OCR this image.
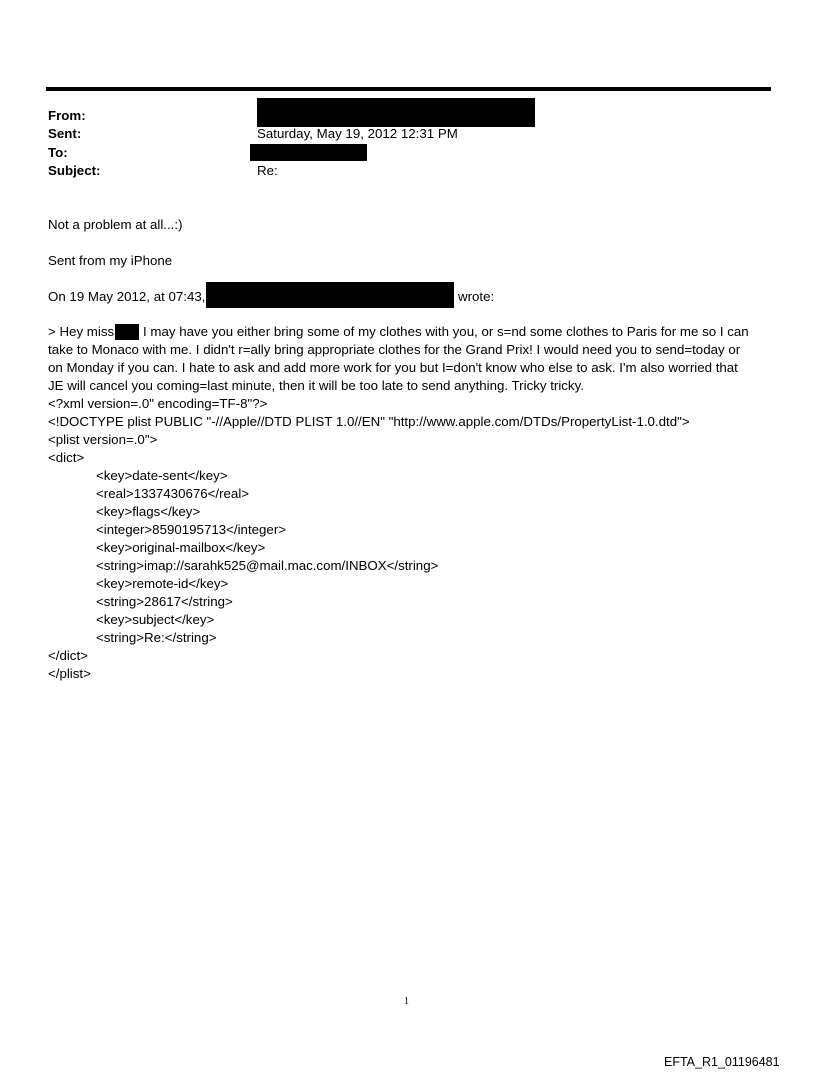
From:
Sent:	Saturday, May 19, 2012 12:31 PM
To:
Subject:	Re:
Not a problem at all...:)
Sent from my iPhone
On 19 May 2012, at 07:43,	wrote:
> Hey miss I may have you either bring some of my clothes with you, or s=nd some clothes to Paris for me so I can
take to Monaco with me. I didn't r=ally bring appropriate clothes for the Grand Prix! I would need you to send=today or
on Monday if you can. I hate to ask and add more work for you but I=don't know who else to ask. I'm also worried that
JE will cancel you coming=last minute, then it will be too late to send anything. Tricky tricky.
<?xml version=.0" encoding=TF-8"?>
<!DOCTYPE plist PUBLIC "-//Apple//DTD PLIST 1.0//EN" "http://www.apple.com/DTDs/PropertyList-1.0.dtd">
<plist version=.0">
<dict>
<key>date-sent</key>
<real>1337430676</real>
<key>flags</key>
<integer>8590195713</integer>
<key>original-mailbox</key>
<string>imap://sarahk525@mail.mac.com/INBOX</string>
<key>remote-id</key>
<string>28617</string>
<key>subject</key>
<string>Re:</string>
</dict>
</plist>
1
EFTA_R1_01196481
